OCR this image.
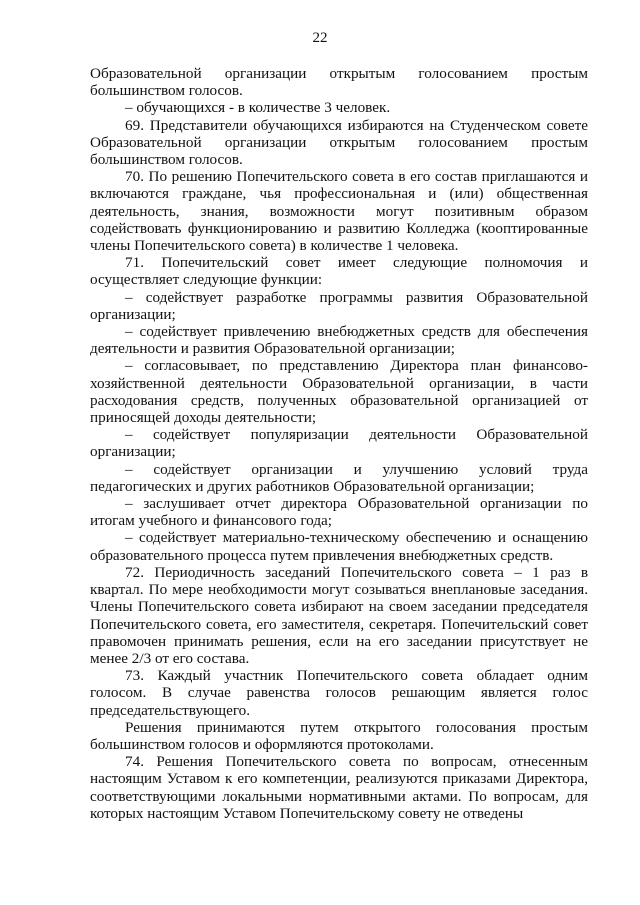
22

Образовательной организации открытым голосованием простым большинством голосов.

– обучающихся - в количестве 3 человек.

69. Представители обучающихся избираются на Студенческом совете Образовательной организации открытым голосованием простым большинством голосов.

70. По решению Попечительского совета в его состав приглашаются и включаются граждане, чья профессиональная и (или) общественная деятельность, знания, возможности могут позитивным образом содействовать функционированию и развитию Колледжа (кооптированные члены Попечительского совета) в количестве 1 человека.

71. Попечительский совет имеет следующие полномочия и осуществляет следующие функции:

– содействует разработке программы развития Образовательной организации;

– содействует привлечению внебюджетных средств для обеспечения деятельности и развития Образовательной организации;

– согласовывает, по представлению Директора план финансово-хозяйственной деятельности Образовательной организации, в части расходования средств, полученных образовательной организацией от приносящей доходы деятельности;

– содействует популяризации деятельности Образовательной организации;

– содействует организации и улучшению условий труда педагогических и других работников Образовательной организации;

– заслушивает отчет директора Образовательной организации по итогам учебного и финансового года;

– содействует материально-техническому обеспечению и оснащению образовательного процесса путем привлечения внебюджетных средств.

72. Периодичность заседаний Попечительского совета – 1 раз в квартал. По мере необходимости могут созываться внеплановые заседания. Члены Попечительского совета избирают на своем заседании председателя Попечительского совета, его заместителя, секретаря. Попечительский совет правомочен принимать решения, если на его заседании присутствует не менее 2/3 от его состава.

73. Каждый участник Попечительского совета обладает одним голосом. В случае равенства голосов решающим является голос председательствующего.

Решения принимаются путем открытого голосования простым большинством голосов и оформляются протоколами.

74. Решения Попечительского совета по вопросам, отнесенным настоящим Уставом к его компетенции, реализуются приказами Директора, соответствующими локальными нормативными актами. По вопросам, для которых настоящим Уставом Попечительскому совету не отведены
